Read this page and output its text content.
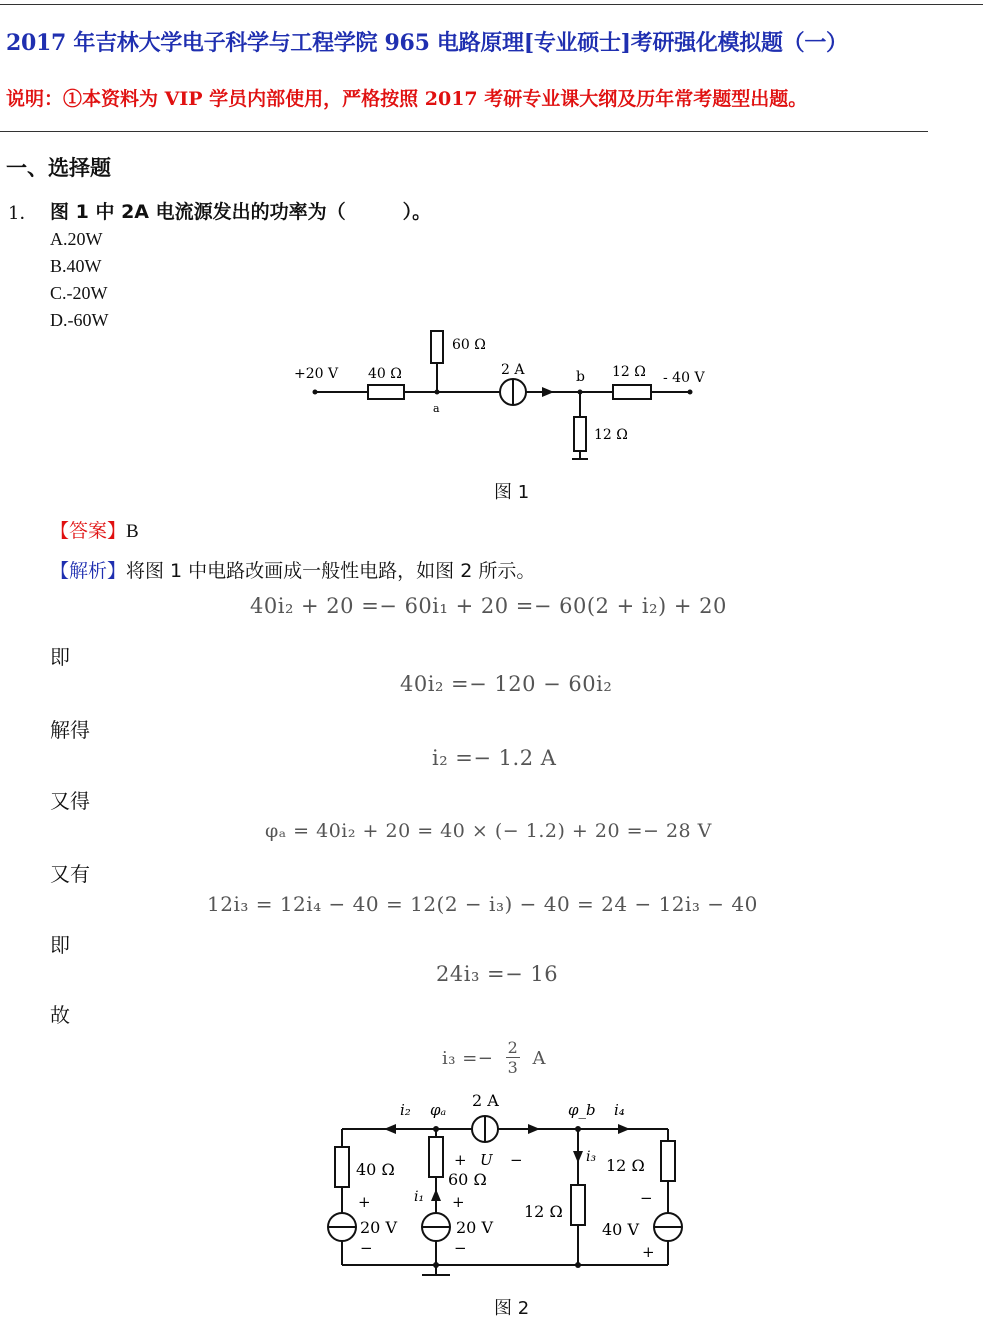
2017 年吉林大学电子科学与工程学院 965 电路原理[专业硕士]考研强化模拟题（一）
说明：①本资料为 VIP 学员内部使用，严格按照 2017 考研专业课大纲及历年常考题型出题。
一、选择题
1． 图 1 中 2A 电流源发出的功率为（　　　）。
A.20W
B.40W
C.-20W
D.-60W
+20 V 40 Ω
60 Ω
a
2 A	b 12 Ω - 40 V
12 Ω
图 1
【答案】B
【解析】将图 1 中电路改画成一般性电路，如图 2 所示。
40i₂ + 20 =− 60i₁ + 20 =− 60(2 + i₂) + 20
即
40i₂ =− 120 − 60i₂
解得
i₂ =− 1.2 A
又得
φₐ = 40i₂ + 20 = 40 × (− 1.2) + 20 =− 28 V
又有
12i₃ = 12i₄ − 40 = 12(2 − i₃) − 40 = 24 − 12i₃ − 40
即
24i₃ =− 16
故
$i_3 =- \frac{2}{3}$ A
i₂ φₐ 2 A	φ_b i₄
40 Ω	+ U −
60 Ω
i₁
i₃ 12 Ω
12 Ω
+
20 V
−
+
20 V
−
−
40 V
+
图 2
